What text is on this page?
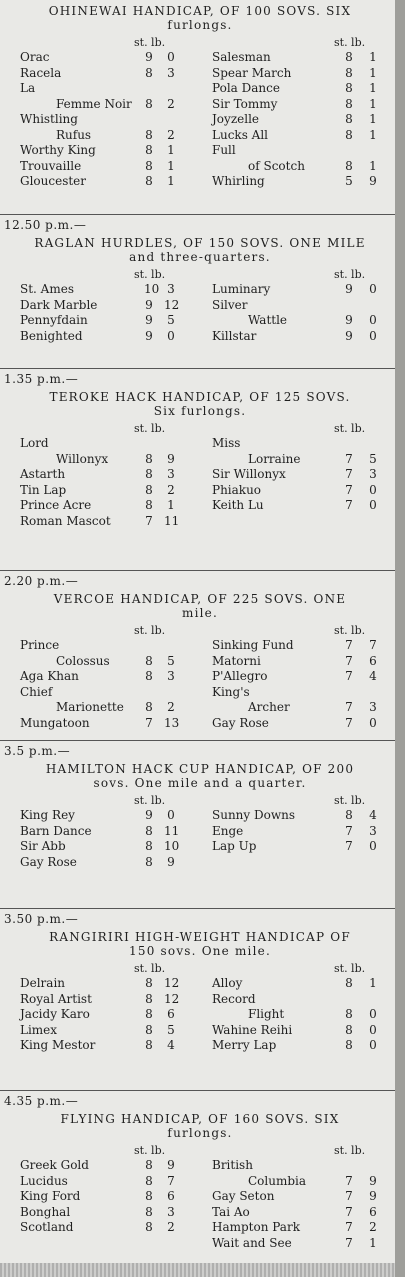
OHINEWAI HANDICAP, OF 100 SOVS. SIX
furlongs.
st. lb.	st. lb.
Orac	9 0
Racela	8 3
La
Femme Noir 8 2
Whistling
Rufus	8 2
Worthy King	8 1
Trouvaille	8 1
Gloucester	8 1
Salesman	8 1
Spear March	8 1
Pola Dance	8 1
Sir Tommy	8 1
Joyzelle	8 1
Lucks All	8 1
Full
of Scotch	8 1
Whirling	5 9
12.50 p.m.—
RAGLAN HURDLES, OF 150 SOVS. ONE MILE
and three-quarters.
st. lb.	st. lb.
St. Ames	10 3
Dark Marble	9 12
Pennyfdain	9 5
Benighted	9 0
Luminary	9 0
Silver
Wattle	9 0
Killstar	9 0
1.35 p.m.—
TEROKE HACK HANDICAP, OF 125 SOVS.
Six furlongs.
st. lb.	st. lb.
Lord
Willonyx	8 9
Astarth	8 3
Tin Lap	8 2
Prince Acre	8 1
Roman Mascot	7 11
Miss
Lorraine	7 5
Sir Willonyx	7 3
Phiakuo	7 0
Keith Lu	7 0
2.20 p.m.—
VERCOE HANDICAP, OF 225 SOVS. ONE
mile.
st. lb.	st. lb.
Prince
Colossus	8 5
Aga Khan	8 3
Chief
Marionette 8 2
Mungatoon	7 13
Sinking Fund	7 7
Matorni	7 6
P'Allegro	7 4
King's
Archer	7 3
Gay Rose	7 0
3.5 p.m.—
HAMILTON HACK CUP HANDICAP, OF 200
sovs. One mile and a quarter.
st. lb.	st. lb.
King Rey	9 0
Barn Dance	8 11
Sir Abb	8 10
Gay Rose	8 9
Sunny Downs	8 4
Enge	7 3
Lap Up	7 0
3.50 p.m.—
RANGIRIRI HIGH-WEIGHT HANDICAP OF
150 sovs. One mile.
st. lb.	st. lb.
Delrain	8 12
Royal Artist	8 12
Jacidy Karo	8 6
Limex	8 5
King Mestor	8 4
Alloy	8 1
Record
Flight	8 0
Wahine Reihi	8 0
Merry Lap	8 0
4.35 p.m.—
FLYING HANDICAP, OF 160 SOVS. SIX
furlongs.
st. lb.	st. lb.
Greek Gold	8 9
Lucidus	8 7
King Ford	8 6
Bonghal	8 3
Scotland	8 2
British
Columbia	7 9
Gay Seton	7 9
Tai Ao	7 6
Hampton Park	7 2
Wait and See	7 1
